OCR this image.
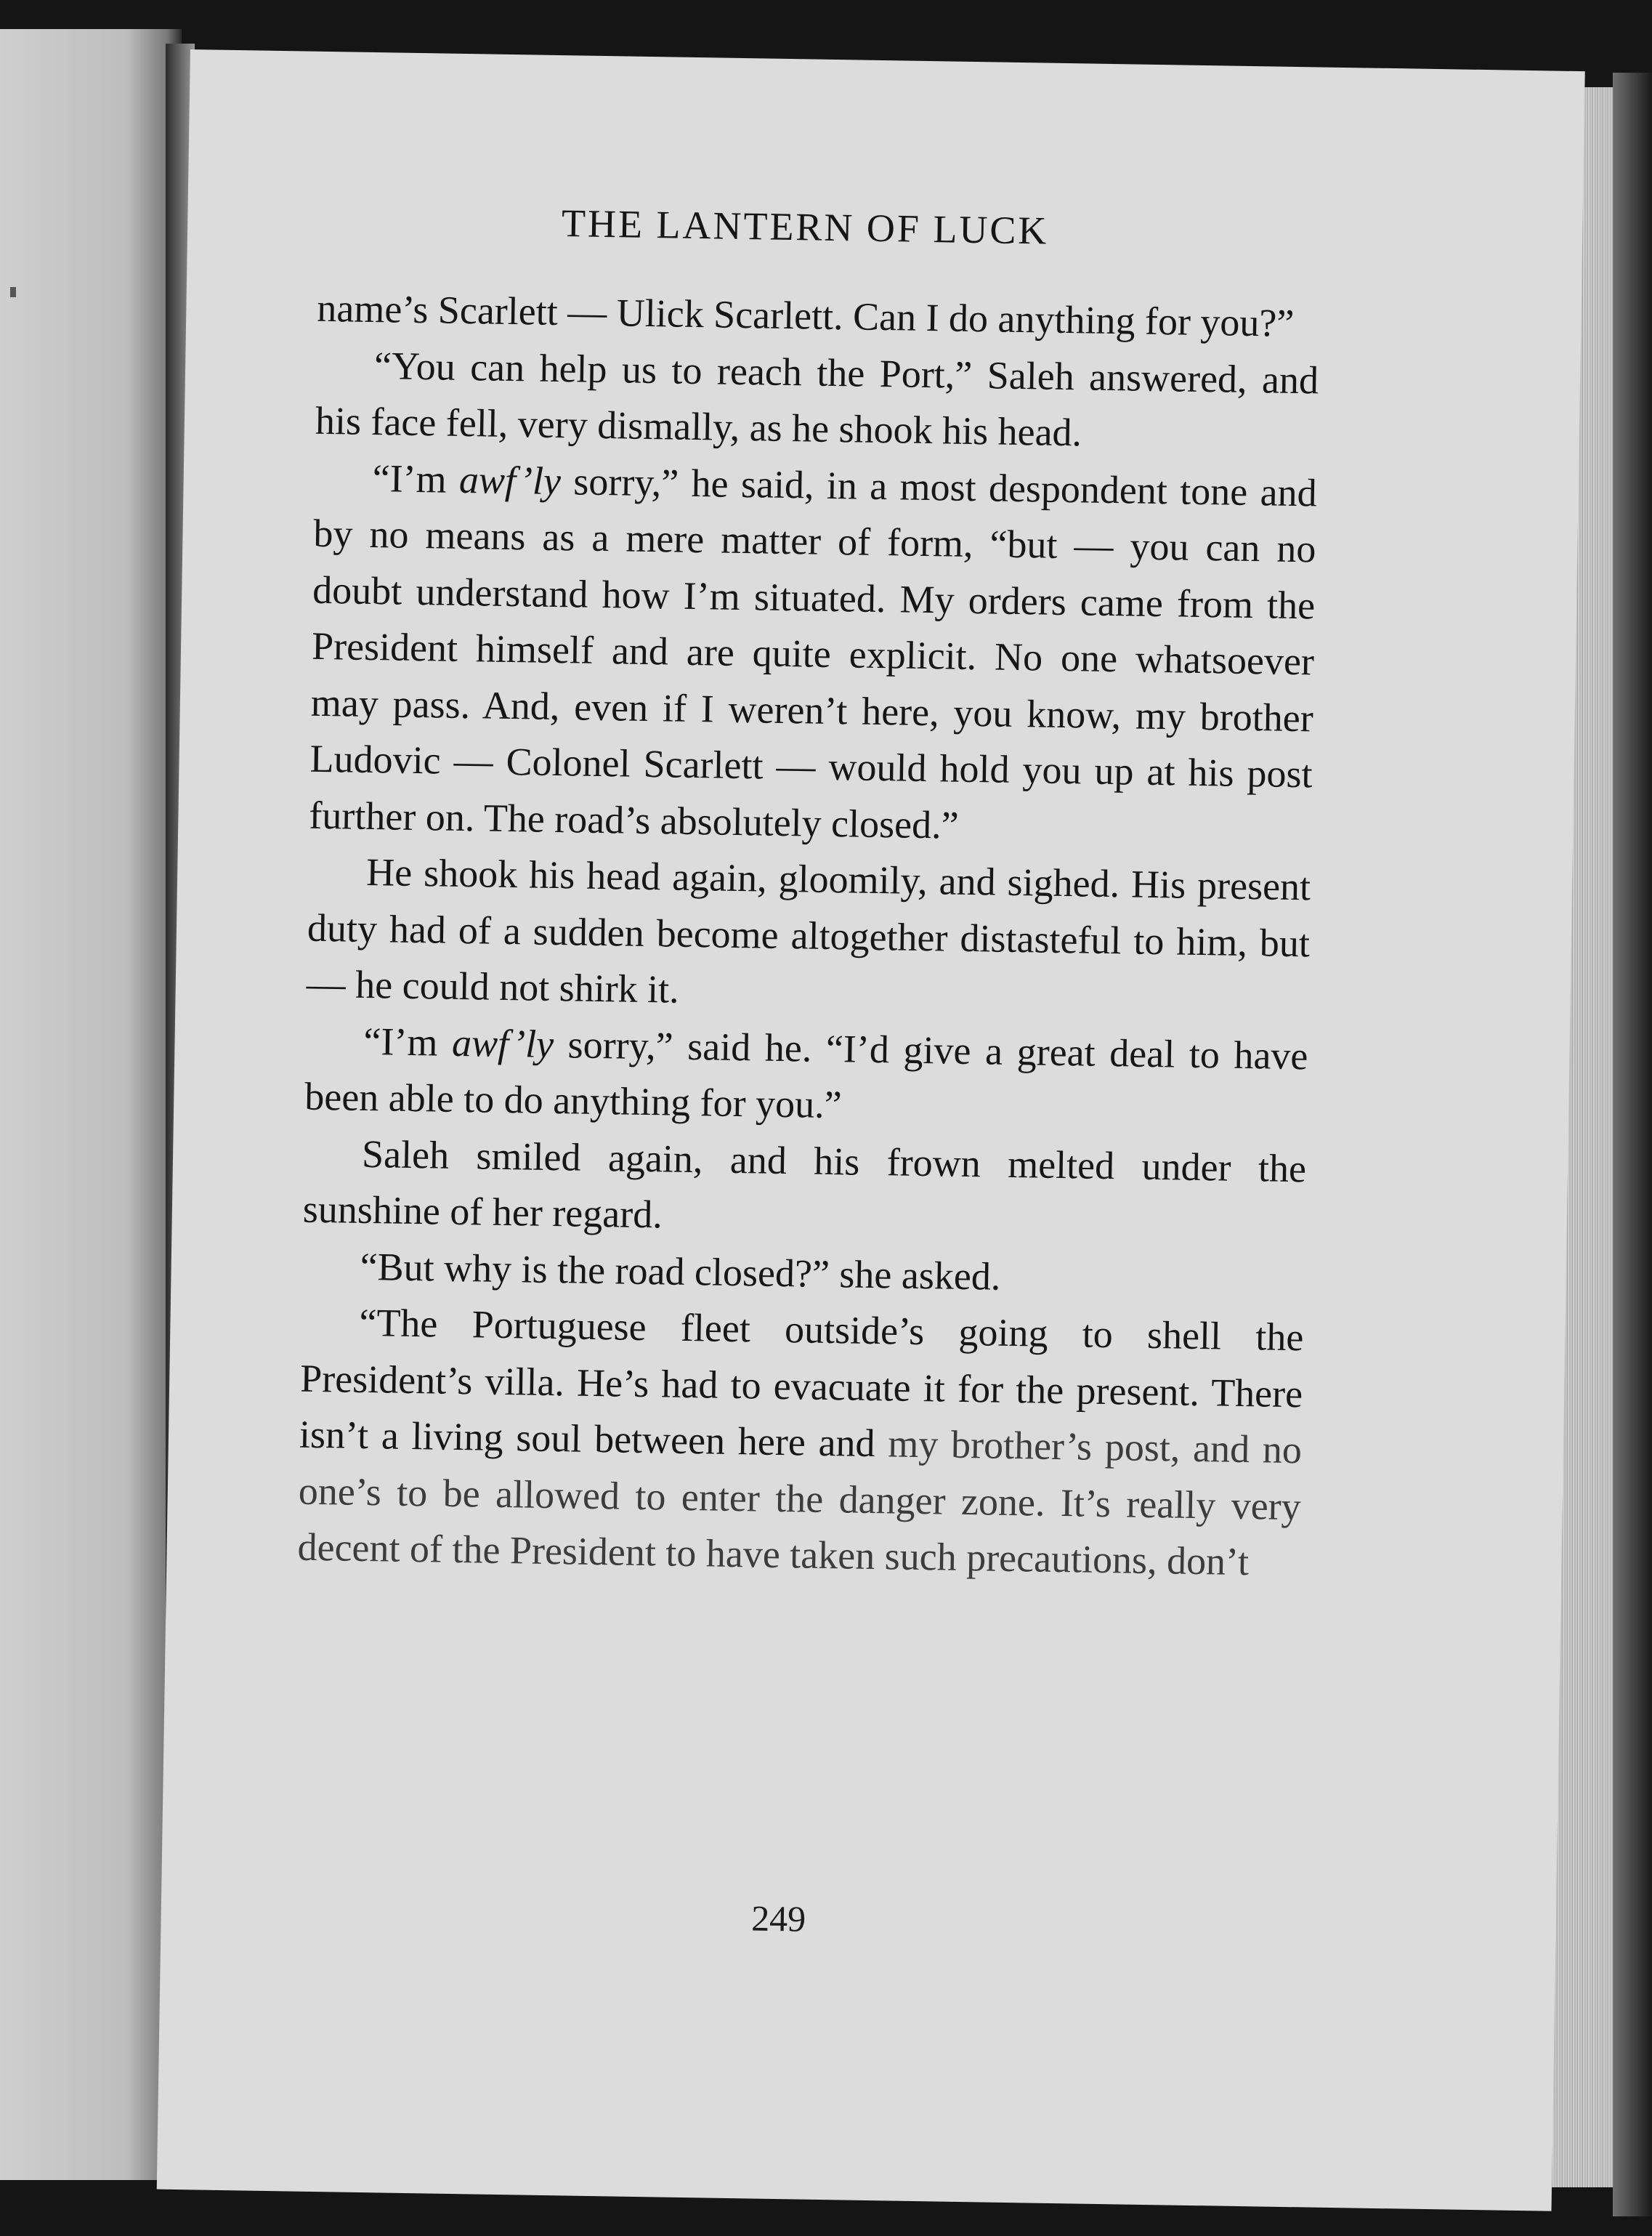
THE LANTERN OF LUCK

name’s Scarlett — Ulick Scarlett. Can I do anything for you?”

“You can help us to reach the Port,” Saleh answered, and his face fell, very dismally, as he shook his head.

“I’m awf’ly sorry,” he said, in a most despondent tone and by no means as a mere matter of form, “but — you can no doubt understand how I’m situated. My orders came from the President himself and are quite explicit. No one whatsoever may pass. And, even if I weren’t here, you know, my brother Ludovic — Colonel Scarlett — would hold you up at his post further on. The road’s absolutely closed.”

He shook his head again, gloomily, and sighed. His present duty had of a sudden become altogether distasteful to him, but — he could not shirk it.

“I’m awf’ly sorry,” said he. “I’d give a great deal to have been able to do anything for you.”

Saleh smiled again, and his frown melted under the sunshine of her regard.

“But why is the road closed?” she asked.

“The Portuguese fleet outside’s going to shell the President’s villa. He’s had to evacuate it for the present. There isn’t a living soul between here and my brother’s post, and no one’s to be allowed to enter the danger zone. It’s really very decent of the President to have taken such precautions, don’t

249
